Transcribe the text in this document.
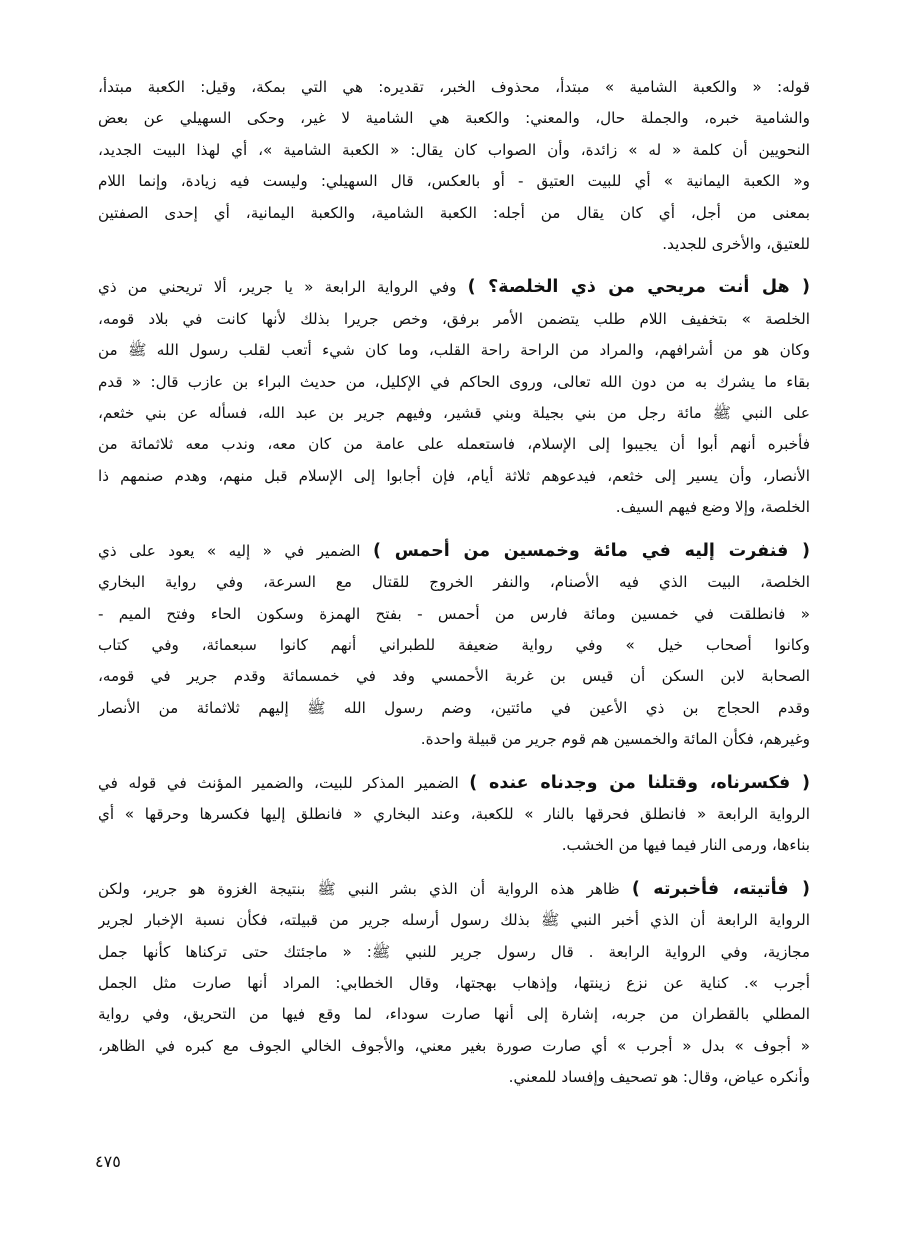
قوله: « والكعبة الشامية » مبتدأ، محذوف الخبر، تقديره: هي التي بمكة، وقيل: الكعبة مبتدأ،
والشامية خبره، والجملة حال، والمعني: والكعبة هي الشامية لا غير، وحكى السهيلي عن بعض
النحويين أن كلمة « له » زائدة، وأن الصواب كان يقال: « الكعبة الشامية »، أي لهذا البيت الجديد،
و« الكعبة اليمانية » أي للبيت العتيق - أو بالعكس، قال السهيلي: وليست فيه زيادة، وإنما اللام
بمعنى من أجل، أي كان يقال من أجله: الكعبة الشامية، والكعبة اليمانية، أي إحدى الصفتين
للعتيق، والأخرى للجديد.

( هل أنت مريحي من ذي الخلصة؟ ) وفي الرواية الرابعة « يا جرير، ألا تريحني من ذي
الخلصة » بتخفيف اللام طلب يتضمن الأمر برفق، وخص جريرا بذلك لأنها كانت في بلاد قومه،
وكان هو من أشرافهم، والمراد من الراحة راحة القلب، وما كان شيء أتعب لقلب رسول الله ﷺ من
بقاء ما يشرك به من دون الله تعالى، وروى الحاكم في الإكليل، من حديث البراء بن عازب قال: « قدم
على النبي ﷺ مائة رجل من بني بجيلة وبني قشير، وفيهم جرير بن عبد الله، فسأله عن بني خثعم،
فأخبره أنهم أبوا أن يجيبوا إلى الإسلام، فاستعمله على عامة من كان معه، وندب معه ثلاثمائة من
الأنصار، وأن يسير إلى خثعم، فيدعوهم ثلاثة أيام، فإن أجابوا إلى الإسلام قبل منهم، وهدم صنمهم ذا
الخلصة، وإلا وضع فيهم السيف.

( فنفرت إليه في مائة وخمسين من أحمس ) الضمير في « إليه » يعود على ذي
الخلصة، البيت الذي فيه الأصنام، والنفر الخروج للقتال مع السرعة، وفي رواية البخاري
« فانطلقت في خمسين ومائة فارس من أحمس - بفتح الهمزة وسكون الحاء وفتح الميم -
وكانوا أصحاب خيل » وفي رواية ضعيفة للطبراني أنهم كانوا سبعمائة، وفي كتاب
الصحابة لابن السكن أن قيس بن غربة الأحمسي وفد في خمسمائة وقدم جرير في قومه،
وقدم الحجاج بن ذي الأعين في مائتين، وضم رسول الله ﷺ إليهم ثلاثمائة من الأنصار
وغيرهم، فكأن المائة والخمسين هم قوم جرير من قبيلة واحدة.

( فكسرناه، وقتلنا من وجدناه عنده ) الضمير المذكر للبيت، والضمير المؤنث في قوله في
الرواية الرابعة « فانطلق فحرقها بالنار » للكعبة، وعند البخاري « فانطلق إليها فكسرها وحرقها » أي
بناءها، ورمى النار فيما فيها من الخشب.

( فأتيته، فأخبرته ) ظاهر هذه الرواية أن الذي بشر النبي ﷺ بنتيجة الغزوة هو جرير، ولكن
الرواية الرابعة أن الذي أخبر النبي ﷺ بذلك رسول أرسله جرير من قبيلته، فكأن نسبة الإخبار لجرير
مجازية، وفي الرواية الرابعة . قال رسول جرير للنبي ﷺ: « ماجئتك حتى تركناها كأنها جمل
أجرب ». كناية عن نزع زينتها، وإذهاب بهجتها، وقال الخطابي: المراد أنها صارت مثل الجمل
المطلي بالقطران من جربه، إشارة إلى أنها صارت سوداء، لما وقع فيها من التحريق، وفي رواية
« أجوف » بدل « أجرب » أي صارت صورة بغير معني، والأجوف الخالي الجوف مع كبره في الظاهر،
وأنكره عياض، وقال: هو تصحيف وإفساد للمعني.

٤٧٥
